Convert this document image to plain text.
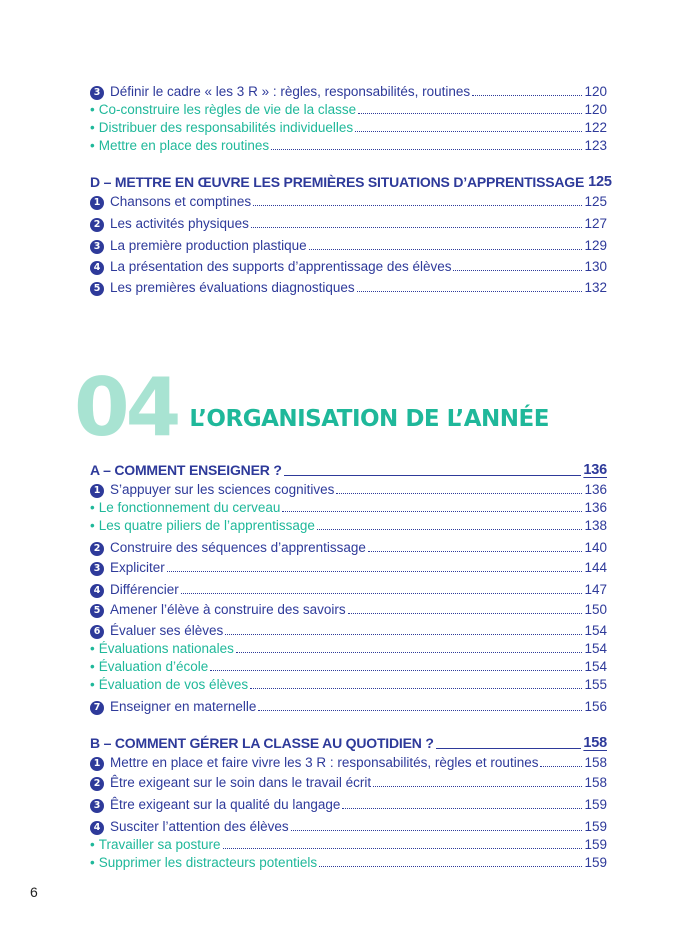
3 Définir le cadre « les 3 R » : règles, responsabilités, routines	120
• Co-construire les règles de vie de la classe	120
• Distribuer des responsabilités individuelles	122
• Mettre en place des routines	123
D – METTRE EN ŒUVRE LES PREMIÈRES SITUATIONS D’APPRENTISSAGE 125
1 Chansons et comptines	125
2 Les activités physiques	127
3 La première production plastique	129
4 La présentation des supports d’apprentissage des élèves	130
5 Les premières évaluations diagnostiques	132
04 L’ORGANISATION DE L’ANNÉE
A – COMMENT ENSEIGNER ?	136
1 S’appuyer sur les sciences cognitives	136
• Le fonctionnement du cerveau	136
• Les quatre piliers de l’apprentissage	138
2 Construire des séquences d’apprentissage	140
3 Expliciter	144
4 Différencier	147
5 Amener l’élève à construire des savoirs	150
6 Évaluer ses élèves	154
• Évaluations nationales	154
• Évaluation d’école	154
• Évaluation de vos élèves	155
7 Enseigner en maternelle	156
B – COMMENT GÉRER LA CLASSE AU QUOTIDIEN ?	158
1 Mettre en place et faire vivre les 3 R : responsabilités, règles et routines	158
2 Être exigeant sur le soin dans le travail écrit	158
3 Être exigeant sur la qualité du langage	159
4 Susciter l’attention des élèves	159
• Travailler sa posture	159
• Supprimer les distracteurs potentiels	159
6
